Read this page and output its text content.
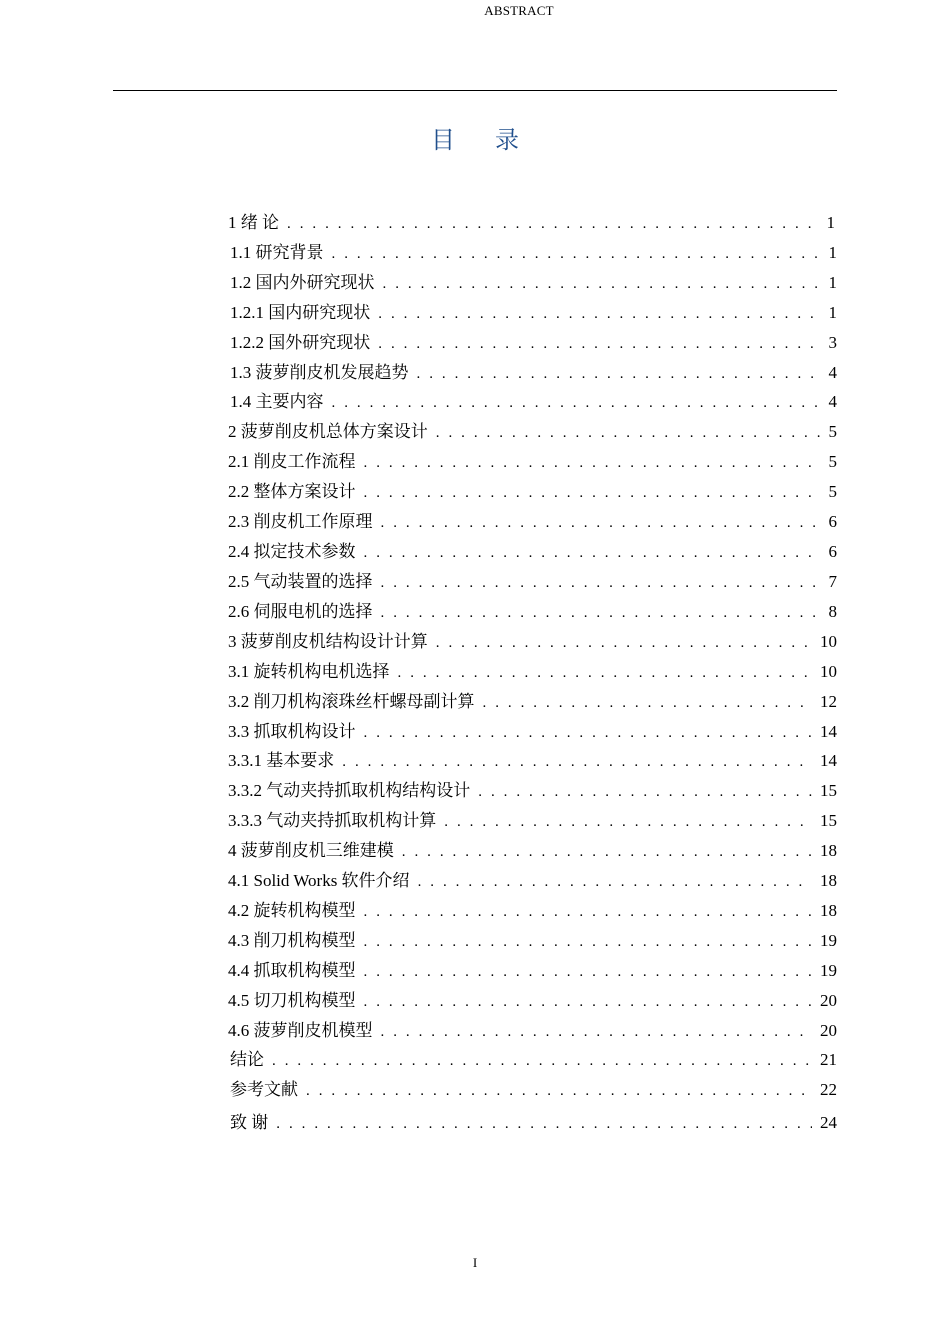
ABSTRACT
目 录
1 绪 论 . . .	1
1.1 研究背景 . . .	1
1.2 国内外研究现状 . . .	1
1.2.1 国内研究现状 . . .	1
1.2.2 国外研究现状 . . .	3
1.3 菠萝削皮机发展趋势 . . .	4
1.4 主要内容 . . .	4
2 菠萝削皮机总体方案设计 . . .	5
2.1 削皮工作流程 . . .	5
2.2 整体方案设计 . . .	5
2.3 削皮机工作原理 . . .	6
2.4 拟定技术参数 . . .	6
2.5 气动装置的选择 . . .	7
2.6 伺服电机的选择 . . .	8
3 菠萝削皮机结构设计计算 . . .	10
3.1 旋转机构电机选择 . . .	10
3.2 削刀机构滚珠丝杆螺母副计算 . . .	12
3.3 抓取机构设计 . . .	14
3.3.1 基本要求 . . .	14
3.3.2 气动夹持抓取机构结构设计 . . .	15
3.3.3 气动夹持抓取机构计算 . . .	15
4 菠萝削皮机三维建模 . . .	18
4.1 Solid Works 软件介绍 . . .	18
4.2 旋转机构模型 . . .	18
4.3 削刀机构模型 . . .	19
4.4 抓取机构模型 . . .	19
4.5 切刀机构模型 . . .	20
4.6 菠萝削皮机模型 . . .	20
结论 . . .	21
参考文献 . . .	22
致 谢 . . .	24
I
